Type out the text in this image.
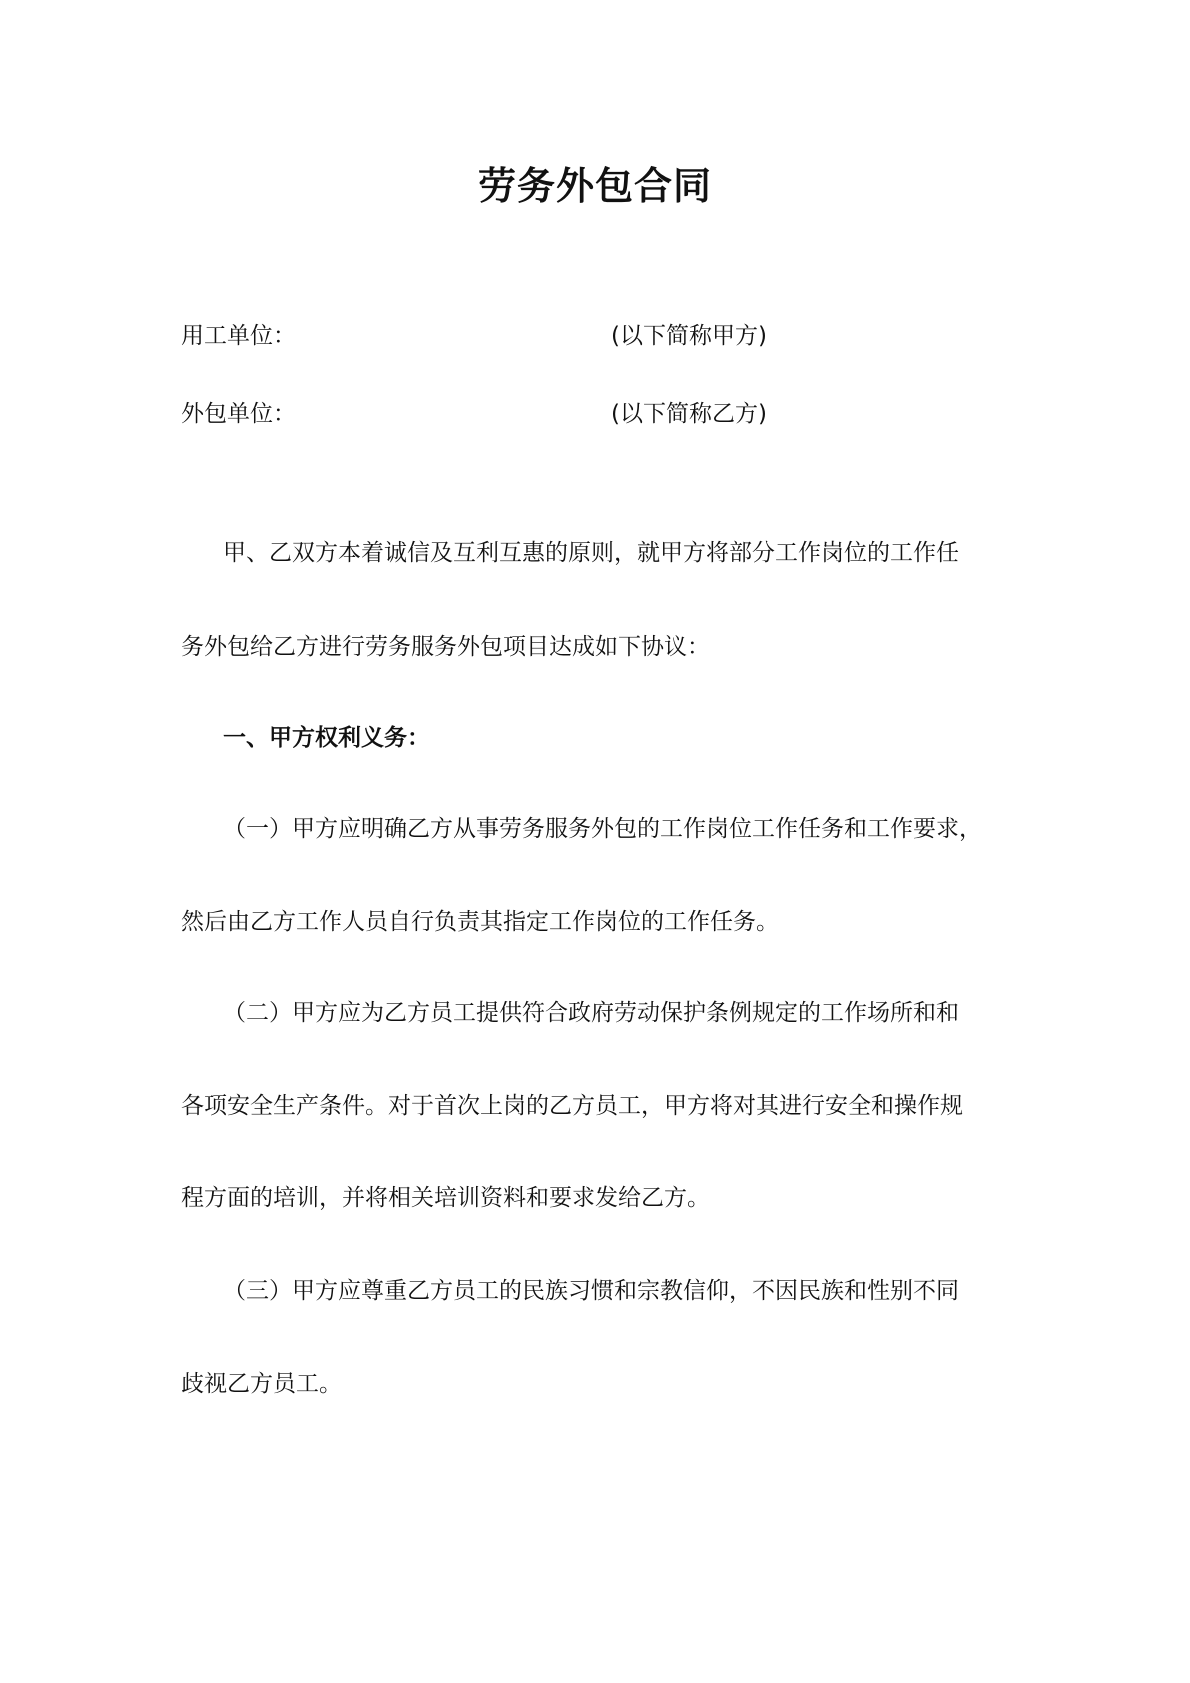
劳务外包合同
用工单位：	(以下简称甲方)
外包单位：	(以下简称乙方)
甲、乙双方本着诚信及互利互惠的原则，就甲方将部分工作岗位的工作任
务外包给乙方进行劳务服务外包项目达成如下协议：
一、甲方权利义务：
（一）甲方应明确乙方从事劳务服务外包的工作岗位工作任务和工作要求，
然后由乙方工作人员自行负责其指定工作岗位的工作任务。
（二）甲方应为乙方员工提供符合政府劳动保护条例规定的工作场所和和
各项安全生产条件。对于首次上岗的乙方员工，甲方将对其进行安全和操作规
程方面的培训，并将相关培训资料和要求发给乙方。
（三）甲方应尊重乙方员工的民族习惯和宗教信仰，不因民族和性别不同
歧视乙方员工。
